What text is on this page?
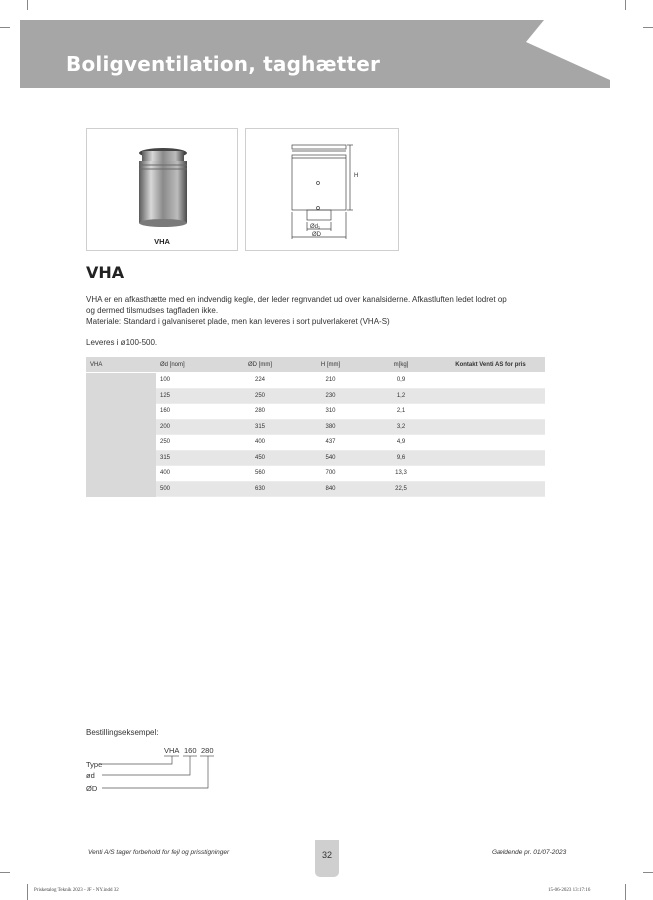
Boligventilation, taghætter
VHA
H
Ød₁
ØD
VHA

VHA er en afkasthætte med en indvendig kegle, der leder regnvandet ud over kanalsiderne. Afkastluften ledet lodret op

og dermed tilsmudses tagfladen ikke.

Materiale: Standard i galvaniseret plade, men kan leveres i sort pulverlakeret (VHA-S)

Leveres i ø100-500.
VHA	Ød [nom]	ØD [mm]	H [mm]	m[kg]	Kontakt Venti AS for pris
	100	224	210	0,9	
	125	250	230	1,2	
	160	280	310	2,1	
	200	315	380	3,2	
	250	400	437	4,9	
	315	450	540	9,6	
	400	560	700	13,3	
	500	630	840	22,5	
Bestillingseksempel:
VHA 160 280
Type
ød
ØD
Venti A/S tager forbehold for fejl og prisstigninger	32	Gældende pr. 01/07-2023
Prisketalog Teknik 2023 - JF - NY.indd 32	15-06-2023 13:17:16
